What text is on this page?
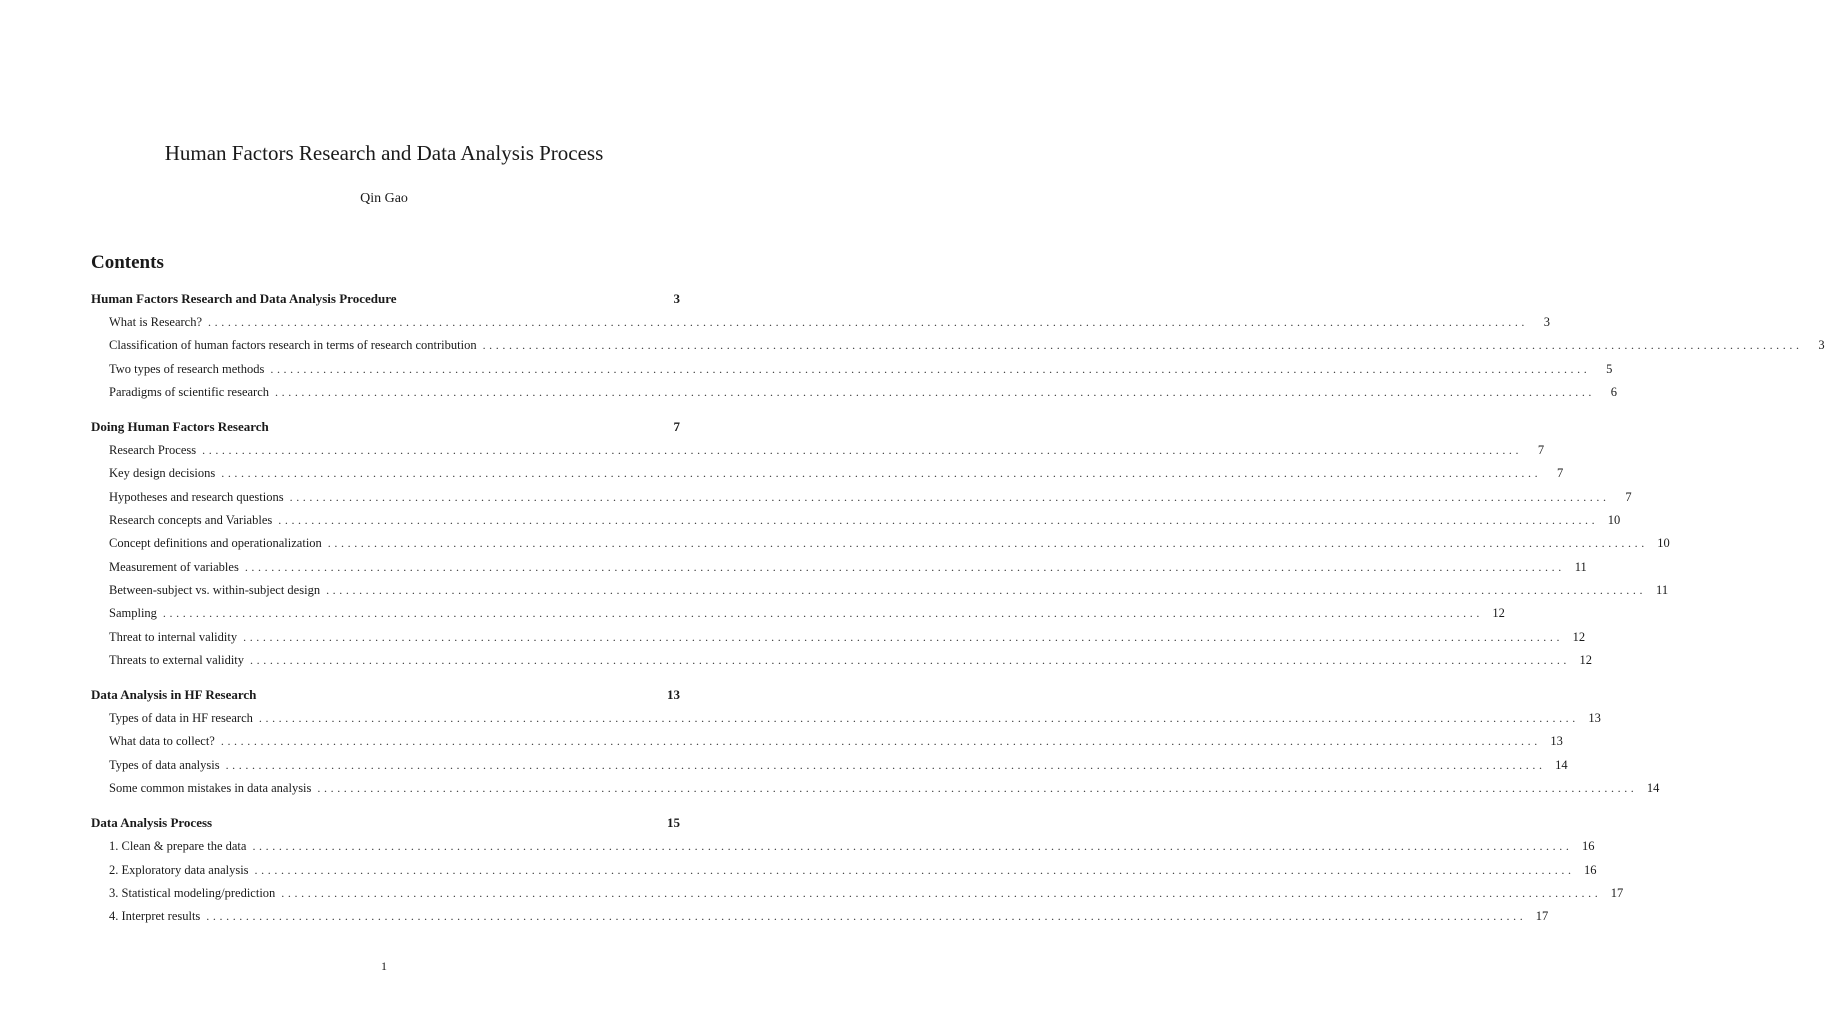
Human Factors Research and Data Analysis Process
Qin Gao
Contents
Human Factors Research and Data Analysis Procedure	3
What is Research? ........................................................................................................................................................................................................	3
Classification of human factors research in terms of research contribution ........................................................................................................................................................................................................	3
Two types of research methods ........................................................................................................................................................................................................	5
Paradigms of scientific research ........................................................................................................................................................................................................	6
Doing Human Factors Research	7
Research Process ........................................................................................................................................................................................................	7
Key design decisions ........................................................................................................................................................................................................	7
Hypotheses and research questions ........................................................................................................................................................................................................	7
Research concepts and Variables ........................................................................................................................................................................................................ 10
Concept definitions and operationalization ........................................................................................................................................................................................................ 10
Measurement of variables ........................................................................................................................................................................................................ 11
Between-subject vs. within-subject design ........................................................................................................................................................................................................ 11
Sampling ........................................................................................................................................................................................................ 12
Threat to internal validity ........................................................................................................................................................................................................ 12
Threats to external validity ........................................................................................................................................................................................................ 12
Data Analysis in HF Research	13
Types of data in HF research ........................................................................................................................................................................................................ 13
What data to collect? ........................................................................................................................................................................................................ 13
Types of data analysis ........................................................................................................................................................................................................ 14
Some common mistakes in data analysis ........................................................................................................................................................................................................ 14
Data Analysis Process	15
1. Clean & prepare the data ........................................................................................................................................................................................................ 16
2. Exploratory data analysis ........................................................................................................................................................................................................ 16
3. Statistical modeling/prediction ........................................................................................................................................................................................................ 17
4. Interpret results ........................................................................................................................................................................................................ 17
1
